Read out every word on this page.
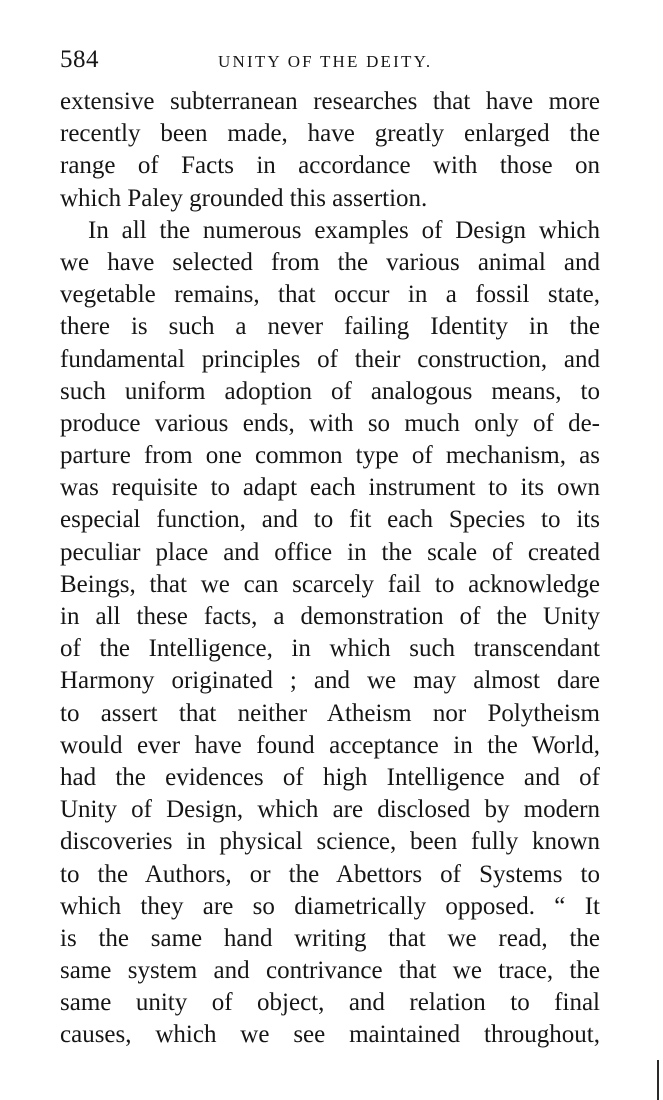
584	UNITY OF THE DEITY.
extensive subterranean researches that have more
recently been made, have greatly enlarged the
range of Facts in accordance with those on
which Paley grounded this assertion.
In all the numerous examples of Design which
we have selected from the various animal and
vegetable remains, that occur in a fossil state,
there is such a never failing Identity in the
fundamental principles of their construction, and
such uniform adoption of analogous means, to
produce various ends, with so much only of de-
parture from one common type of mechanism, as
was requisite to adapt each instrument to its own
especial function, and to fit each Species to its
peculiar place and office in the scale of created
Beings, that we can scarcely fail to acknowledge
in all these facts, a demonstration of the Unity
of the Intelligence, in which such transcendant
Harmony originated ; and we may almost dare
to assert that neither Atheism nor Polytheism
would ever have found acceptance in the World,
had the evidences of high Intelligence and of
Unity of Design, which are disclosed by modern
discoveries in physical science, been fully known
to the Authors, or the Abettors of Systems to
which they are so diametrically opposed. “ It
is the same hand writing that we read, the
same system and contrivance that we trace, the
same unity of object, and relation to final
causes, which we see maintained throughout,
